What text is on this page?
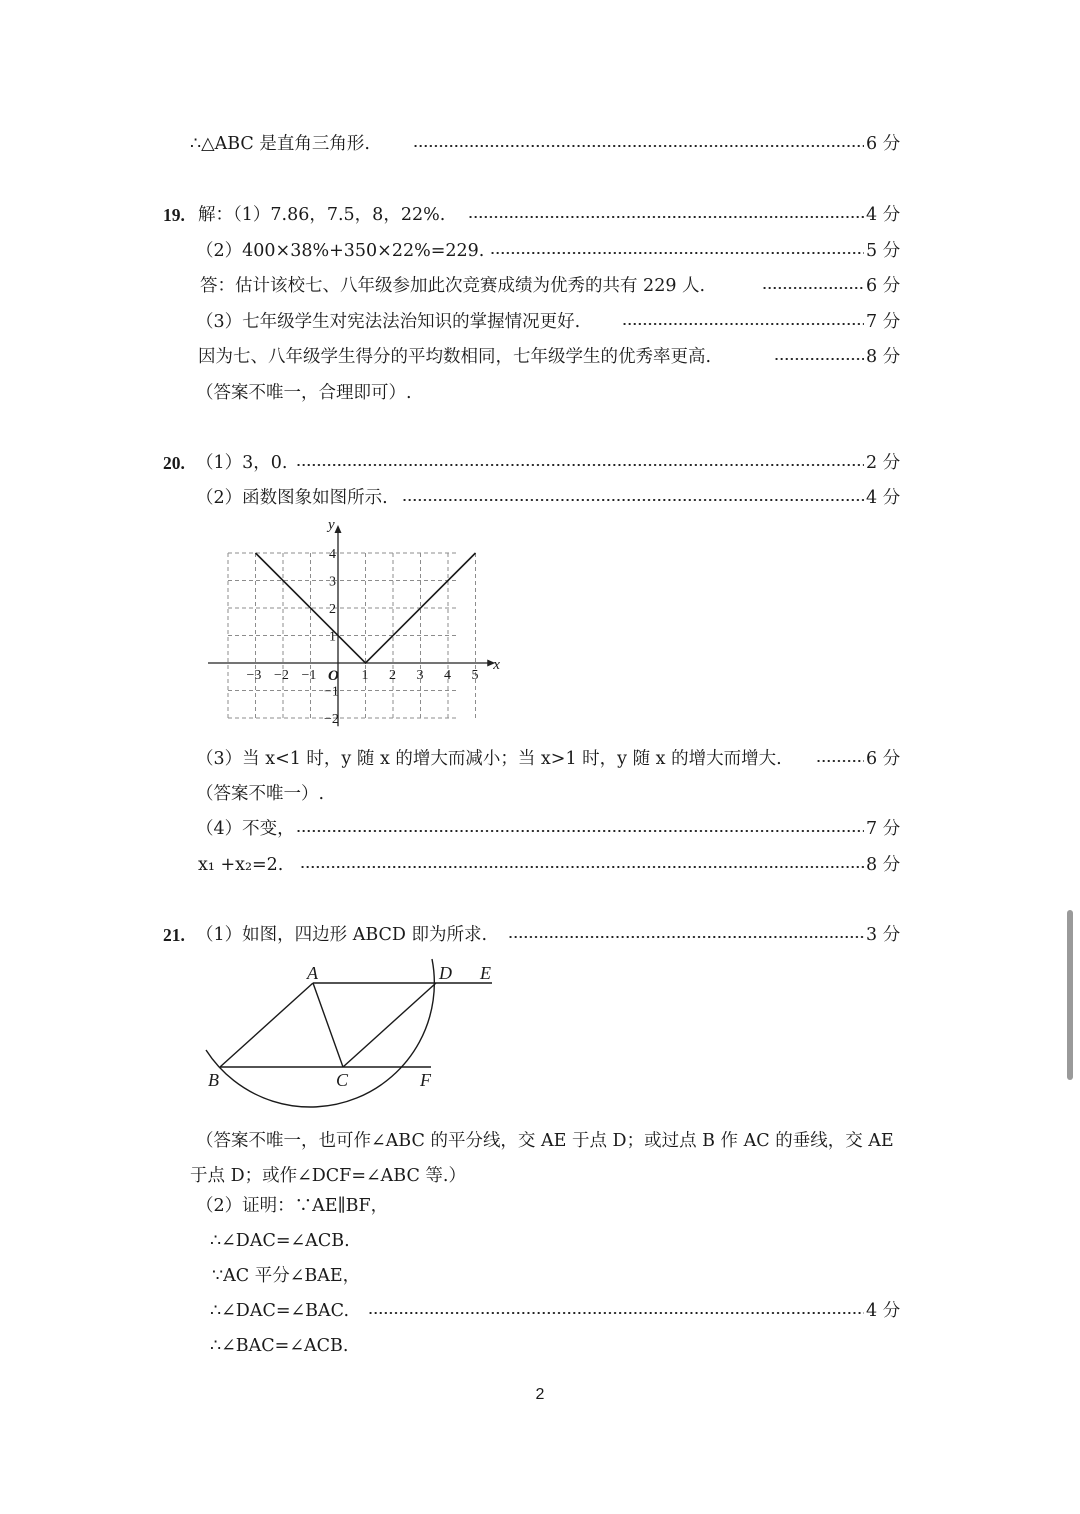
∴△ABC 是直角三角形.	6 分
19. 解：（1）7.86，7.5，8，22%.	4 分
（2）400×38%+350×22%=229.	5 分
答：估计该校七、八年级参加此次竞赛成绩为优秀的共有 229 人.	6 分
（3）七年级学生对宪法法治知识的掌握情况更好.	7 分
因为七、八年级学生得分的平均数相同，七年级学生的优秀率更高.	8 分
（答案不唯一，合理即可）.
20. （1）3，0.	2 分
（2）函数图象如图所示.	4 分
x
y
O
−3 −2 −1	1 2 3 4 5
4
3
2
1
−1
−2
（3）当 x<1 时，y 随 x 的增大而减小；当 x>1 时，y 随 x 的增大而增大.	6 分
（答案不唯一）.
（4）不变，	7 分
x₁ +x₂=2.	8 分
21. （1）如图，四边形 ABCD 即为所求.	3 分
A	D E
B	C	F
（答案不唯一，也可作∠ABC 的平分线，交 AE 于点 D；或过点 B 作 AC 的垂线，交 AE
于点 D；或作∠DCF=∠ABC 等.）
（2）证明：∵AE∥BF，
∴∠DAC=∠ACB.
∵AC 平分∠BAE，
∴∠DAC=∠BAC.	4 分
∴∠BAC=∠ACB.
2
